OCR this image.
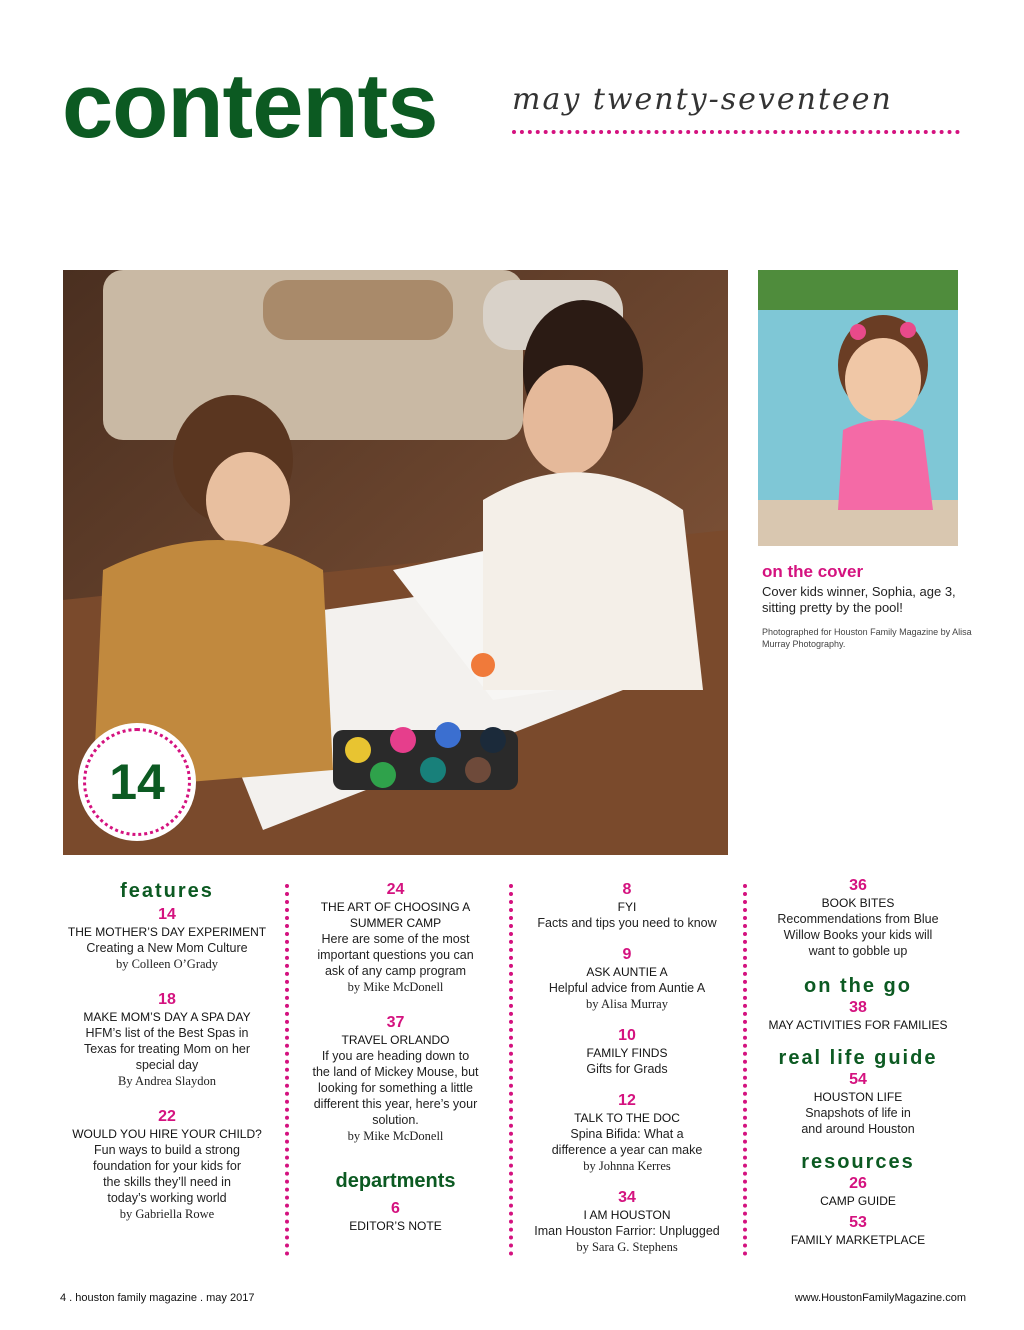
contents may twenty-seventeen
14
on the cover
Cover kids winner, Sophia, age 3, sitting pretty by the pool!
Photographed for Houston Family Magazine by Alisa Murray Photography.
features
14
THE MOTHER’S DAY EXPERIMENT
Creating a New Mom Culture
by Colleen O’Grady
18
MAKE MOM’S DAY A SPA DAY
HFM’s list of the Best Spas in Texas for treating Mom on her special day
By Andrea Slaydon
22
WOULD YOU HIRE YOUR CHILD?
Fun ways to build a strong foundation for your kids for the skills they’ll need in today’s working world
by Gabriella Rowe
24
THE ART OF CHOOSING A SUMMER CAMP
Here are some of the most important questions you can ask of any camp program
by Mike McDonell
37
TRAVEL ORLANDO
If you are heading down to the land of Mickey Mouse, but looking for something a little different this year, here’s your solution.
by Mike McDonell
departments
6
EDITOR’S NOTE
8
FYI
Facts and tips you need to know
9
ASK AUNTIE A
Helpful advice from Auntie A
by Alisa Murray
10
FAMILY FINDS
Gifts for Grads
12
TALK TO THE DOC
Spina Bifida: What a difference a year can make
by Johnna Kerres
34
I AM HOUSTON
Iman Houston Farrior: Unplugged
by Sara G. Stephens
36
BOOK BITES
Recommendations from Blue Willow Books your kids will want to gobble up
on the go
38
MAY ACTIVITIES FOR FAMILIES
real life guide
54
HOUSTON LIFE
Snapshots of life in and around Houston
resources
26
CAMP GUIDE
53
FAMILY MARKETPLACE
4 . houston family magazine . may 2017	www.HoustonFamilyMagazine.com
